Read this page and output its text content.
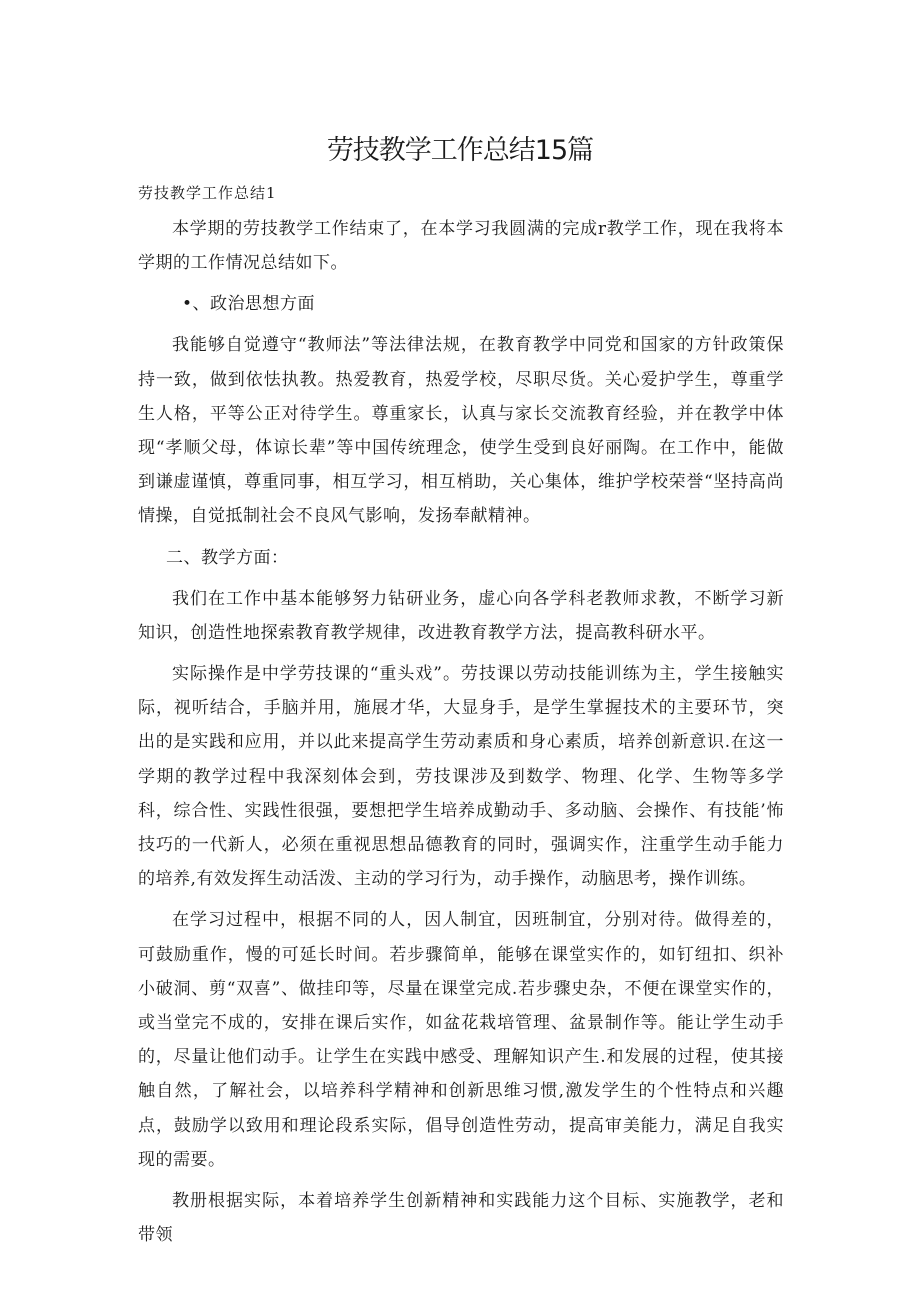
劳技教学工作总结15篇
劳技教学工作总结1

本学期的劳技教学工作结束了，在本学习我圆满的完成r教学工作，现在我将本学期的工作情况总结如下。

•、政治思想方面

我能够自觉遵守“教师法”等法律法规，在教育教学中同党和国家的方针政策保持一致，做到依怯执教。热爱教育，热爱学校，尽职尽货。关心爱护学生，尊重学生人格，平等公正对待学生。尊重家长，认真与家长交流教育经验，并在教学中体现“孝顺父母，体谅长辈”等中国传统理念，使学生受到良好丽陶。在工作中，能做到谦虚谨慎，尊重同事，相互学习，相互梢助，关心集体，维护学校荣誉“坚持高尚情操，自觉抵制社会不良风气影响，发扬奉献精神。

二、教学方面：

我们在工作中基本能够努力钻研业务，虚心向各学科老教师求教，不断学习新知识，创造性地探索教育教学规律，改进教育教学方法，提高教科研水平。

实际操作是中学劳技课的“重头戏”。劳技课以劳动技能训练为主，学生接触实际，视听结合，手脑并用，施展才华，大显身手，是学生掌握技术的主要环节，突出的是实践和应用，并以此来提高学生劳动素质和身心素质，培养创新意识.在这一学期的教学过程中我深刻体会到，劳技课涉及到数学、物理、化学、生物等多学科，综合性、实践性很强，要想把学生培养成勤动手、多动脑、会操作、有技能’怖技巧的一代新人，必须在重视思想品德教育的同时，强调实作，注重学生动手能力的培养,有效发挥生动活泼、主动的学习行为，动手操作，动脑思考，操作训练。

在学习过程中，根据不同的人，因人制宜，因班制宜，分别对待。做得差的，可鼓励重作，慢的可延长时间。若步骤简单，能够在课堂实作的，如钉纽扣、织补小破洞、剪“双喜”、做挂印等，尽量在课堂完成.若步骤史杂，不便在课堂实作的，或当堂完不成的，安排在课后实作，如盆花栽培管理、盆景制作等。能让学生动手的，尽量让他们动手。让学生在实践中感受、理解知识产生.和发展的过程，使其接触自然，了解社会，以培养科学精神和创新思维习惯,激发学生的个性特点和兴趣点，鼓励学以致用和理论段系实际，倡导创造性劳动，提高审美能力，满足自我实现的需要。

教册根据实际，本着培养学生创新精神和实践能力这个目标、实施教学，老和带领
